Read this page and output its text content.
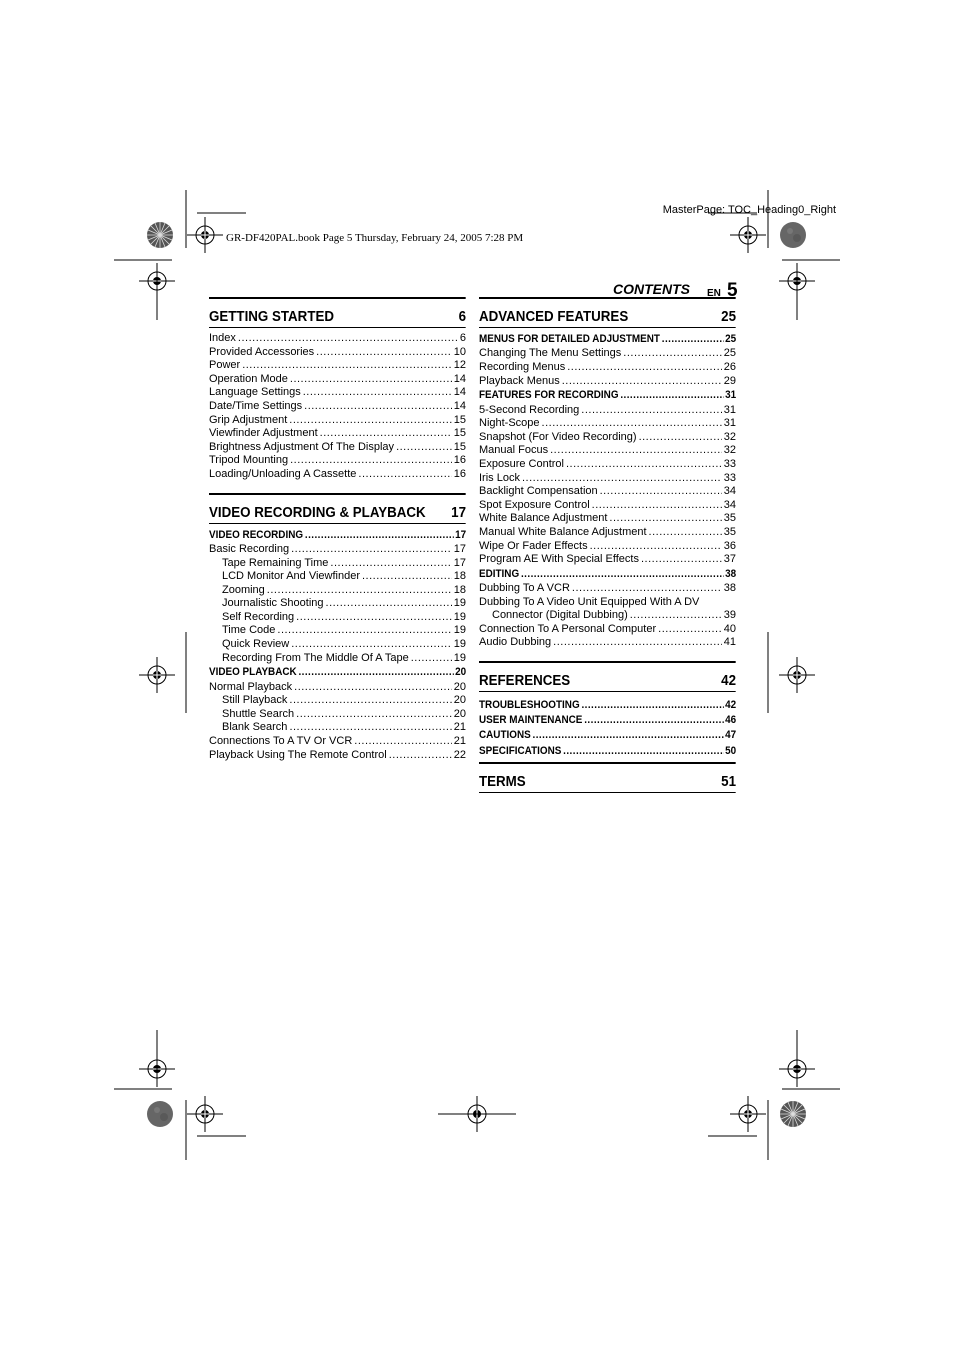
MasterPage: TOC_Heading0_Right
GR-DF420PAL.book Page 5 Thursday, February 24, 2005 7:28 PM
CONTENTS EN 5
GETTING STARTED	6
Index .....	6
Provided Accessories .....	10
Power .....	12
Operation Mode .....	14
Language Settings .....	14
Date/Time Settings .....	14
Grip Adjustment .....	15
Viewfinder Adjustment .....	15
Brightness Adjustment Of The Display .....	15
Tripod Mounting .....	16
Loading/Unloading A Cassette .....	16
VIDEO RECORDING & PLAYBACK 17
VIDEO RECORDING .....	17
Basic Recording .....	17
Tape Remaining Time .....	17
LCD Monitor And Viewfinder .....	18
Zooming .....	18
Journalistic Shooting .....	19
Self Recording .....	19
Time Code .....	19
Quick Review .....	19
Recording From The Middle Of A Tape .....	19
VIDEO PLAYBACK .....	20
Normal Playback .....	20
Still Playback .....	20
Shuttle Search .....	20
Blank Search .....	21
Connections To A TV Or VCR .....	21
Playback Using The Remote Control .....	22
ADVANCED FEATURES	25
MENUS FOR DETAILED ADJUSTMENT .....	25
Changing The Menu Settings .....	25
Recording Menus .....	26
Playback Menus .....	29
FEATURES FOR RECORDING .....	31
5-Second Recording .....	31
Night-Scope .....	31
Snapshot (For Video Recording) .....	32
Manual Focus .....	32
Exposure Control .....	33
Iris Lock .....	33
Backlight Compensation .....	34
Spot Exposure Control .....	34
White Balance Adjustment .....	35
Manual White Balance Adjustment .....	35
Wipe Or Fader Effects .....	36
Program AE With Special Effects .....	37
EDITING .....	38
Dubbing To A VCR .....	38
Dubbing To A Video Unit Equipped With A DV
Connector (Digital Dubbing) .....	39
Connection To A Personal Computer .....	40
Audio Dubbing .....	41
REFERENCES	42
TROUBLESHOOTING .....	42
USER MAINTENANCE .....	46
CAUTIONS .....	47
SPECIFICATIONS .....	50
TERMS	51
